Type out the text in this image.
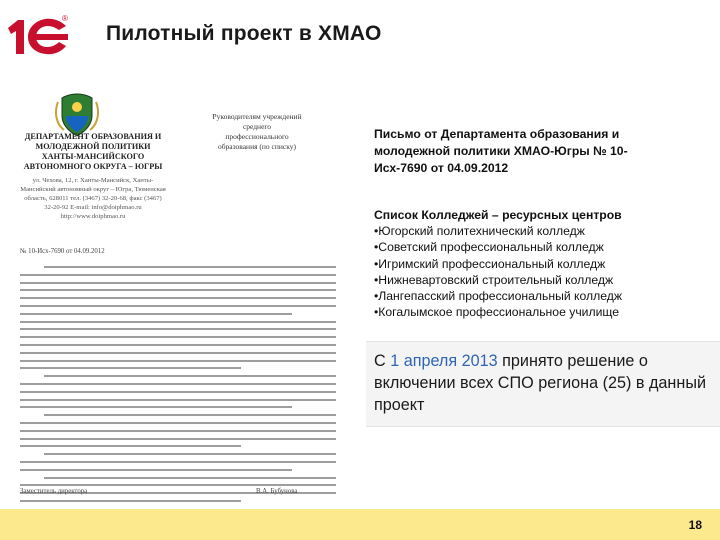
®
Пилотный проект в ХМАО
Руководителям учреждений среднего профессионального образования (по списку)
ДЕПАРТАМЕНТ ОБРАЗОВАНИЯ И МОЛОДЕЖНОЙ ПОЛИТИКИ ХАНТЫ-МАНСИЙСКОГО АВТОНОМНОГО ОКРУГА – ЮГРЫ
ул. Чехова, 12, г. Ханты-Мансийск, Ханты-Мансийский автономный округ – Югра, Тюменская область, 628011 тел. (3467) 32-20-68, факс (3467) 32-20-92 E-mail: info@doiphmao.ru http://www.doiphmao.ru
№ 10-Исх-7690 от 04.09.2012
Заместитель директора	В.А. Бубунова
Письмо от Департамента образования и молодежной политики ХМАО-Югры № 10-Исх-7690 от 04.09.2012
Список Колледжей – ресурсных центров
•Югорский политехнический колледж
•Советский профессиональный колледж
•Игримский профессиональный колледж
•Нижневартовский строительный колледж
•Лангепасский профессиональный колледж
•Когалымское профессиональное училище
С 1 апреля 2013 принято решение о включении всех СПО региона (25) в данный проект
18
